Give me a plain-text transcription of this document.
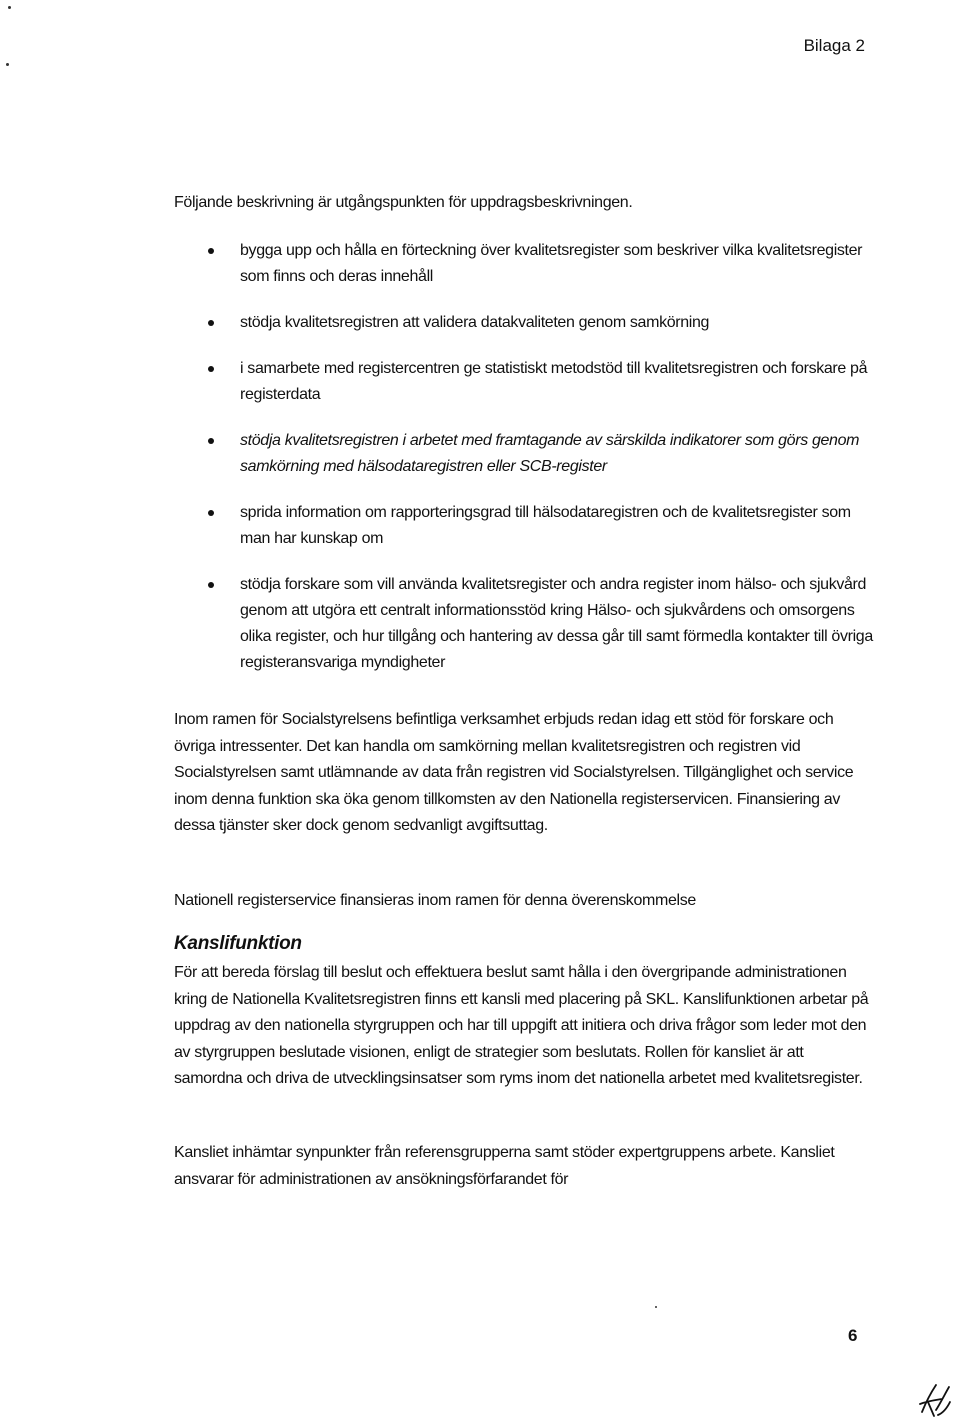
Bilaga 2
Följande beskrivning är utgångspunkten för uppdragsbeskrivningen.
bygga upp och hålla en förteckning över kvalitetsregister som beskriver vilka kvalitetsregister som finns och deras innehåll
stödja kvalitetsregistren att validera datakvaliteten genom samkörning
i samarbete med registercentren ge statistiskt metodstöd till kvalitetsregistren och forskare på registerdata
stödja kvalitetsregistren i arbetet med framtagande av särskilda indikatorer som görs genom samkörning med hälsodataregistren eller SCB-register
sprida information om rapporteringsgrad till hälsodataregistren och de kvalitetsregister som man har kunskap om
stödja forskare som vill använda kvalitetsregister och andra register inom hälso- och sjukvård genom att utgöra ett centralt informationsstöd kring Hälso- och sjukvårdens och omsorgens olika register, och hur tillgång och hantering av dessa går till samt förmedla kontakter till övriga registeransvariga myndigheter
Inom ramen för Socialstyrelsens befintliga verksamhet erbjuds redan idag ett stöd för forskare och övriga intressenter. Det kan handla om samkörning mellan kvalitetsregistren och registren vid Socialstyrelsen samt utlämnande av data från registren vid Socialstyrelsen. Tillgänglighet och service inom denna funktion ska öka genom tillkomsten av den Nationella registerservicen. Finansiering av dessa tjänster sker dock genom sedvanligt avgiftsuttag.
Nationell registerservice finansieras inom ramen för denna överenskommelse
Kanslifunktion
För att bereda förslag till beslut och effektuera beslut samt hålla i den övergripande administrationen kring de Nationella Kvalitetsregistren finns ett kansli med placering på SKL. Kanslifunktionen arbetar på uppdrag av den nationella styrgruppen och har till uppgift att initiera och driva frågor som leder mot den av styrgruppen beslutade visionen, enligt de strategier som beslutats. Rollen för kansliet är att samordna och driva de utvecklingsinsatser som ryms inom det nationella arbetet med kvalitetsregister.
Kansliet inhämtar synpunkter från referensgrupperna samt stöder expertgruppens arbete. Kansliet ansvarar för administrationen av ansökningsförfarandet för
6
